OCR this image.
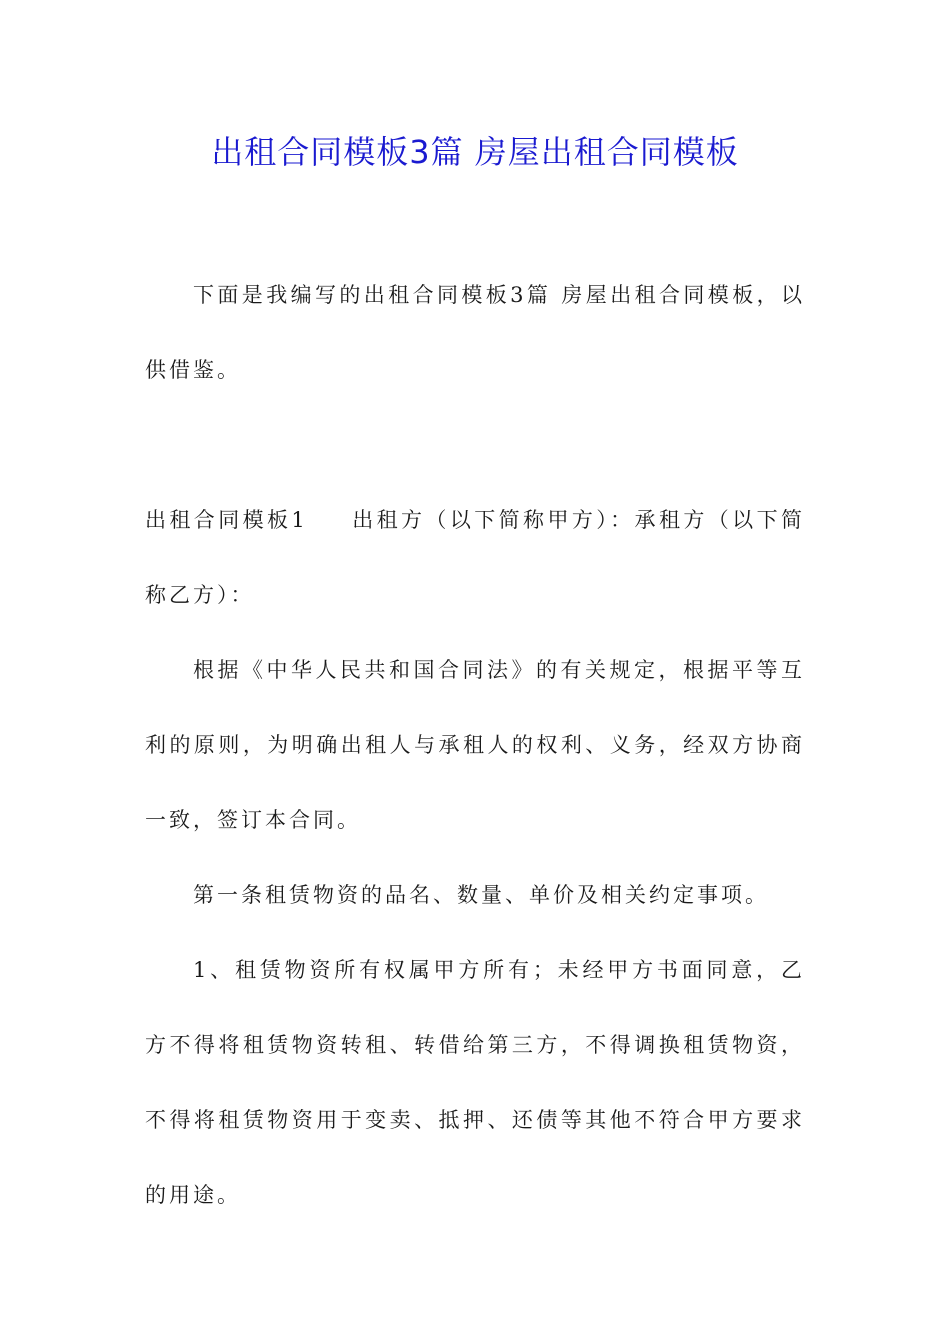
出租合同模板3篇 房屋出租合同模板

下面是我编写的出租合同模板3篇 房屋出租合同模板，以供借鉴。

出租合同模板1 出租方（以下简称甲方）：承租方（以下简称乙方）：

根据《中华人民共和国合同法》的有关规定，根据平等互利的原则，为明确出租人与承租人的权利、义务，经双方协商一致，签订本合同。

第一条租赁物资的品名、数量、单价及相关约定事项。

1、租赁物资所有权属甲方所有；未经甲方书面同意，乙方不得将租赁物资转租、转借给第三方，不得调换租赁物资，不得将租赁物资用于变卖、抵押、还债等其他不符合甲方要求的用途。
